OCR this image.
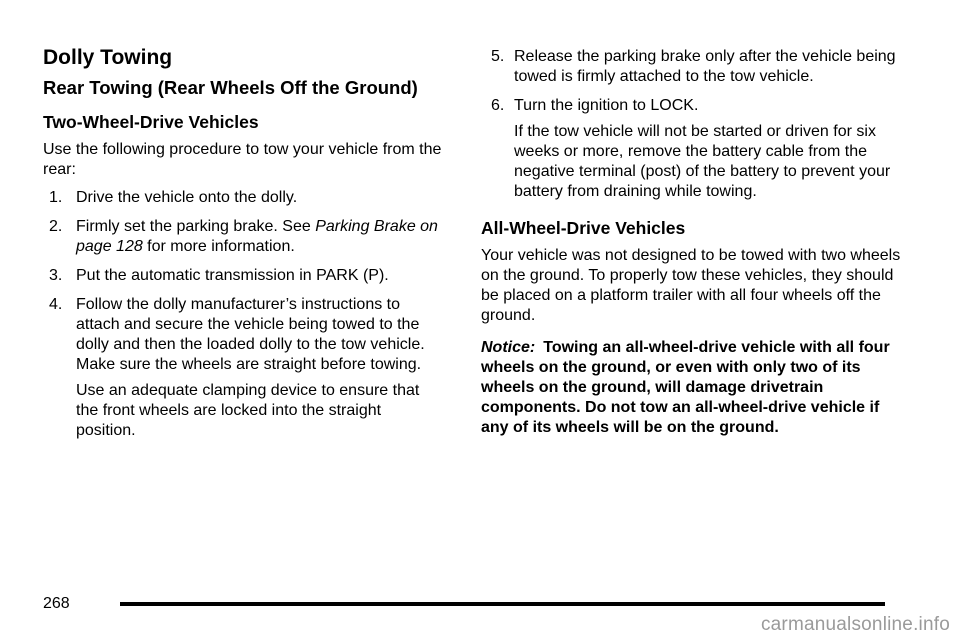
Dolly Towing
Rear Towing (Rear Wheels Off the Ground)
Two-Wheel-Drive Vehicles

Use the following procedure to tow your vehicle from the rear:

1. Drive the vehicle onto the dolly.
2. Firmly set the parking brake. See Parking Brake on page 128 for more information.
3. Put the automatic transmission in PARK (P).
4. Follow the dolly manufacturer’s instructions to attach and secure the vehicle being towed to the dolly and then the loaded dolly to the tow vehicle. Make sure the wheels are straight before towing.

Use an adequate clamping device to ensure that the front wheels are locked into the straight position.

5. Release the parking brake only after the vehicle being towed is firmly attached to the tow vehicle.
6. Turn the ignition to LOCK.

If the tow vehicle will not be started or driven for six weeks or more, remove the battery cable from the negative terminal (post) of the battery to prevent your battery from draining while towing.

All-Wheel-Drive Vehicles

Your vehicle was not designed to be towed with two wheels on the ground. To properly tow these vehicles, they should be placed on a platform trailer with all four wheels off the ground.

Notice: Towing an all-wheel-drive vehicle with all four wheels on the ground, or even with only two of its wheels on the ground, will damage drivetrain components. Do not tow an all-wheel-drive vehicle if any of its wheels will be on the ground.

268
carmanualsonline.info
